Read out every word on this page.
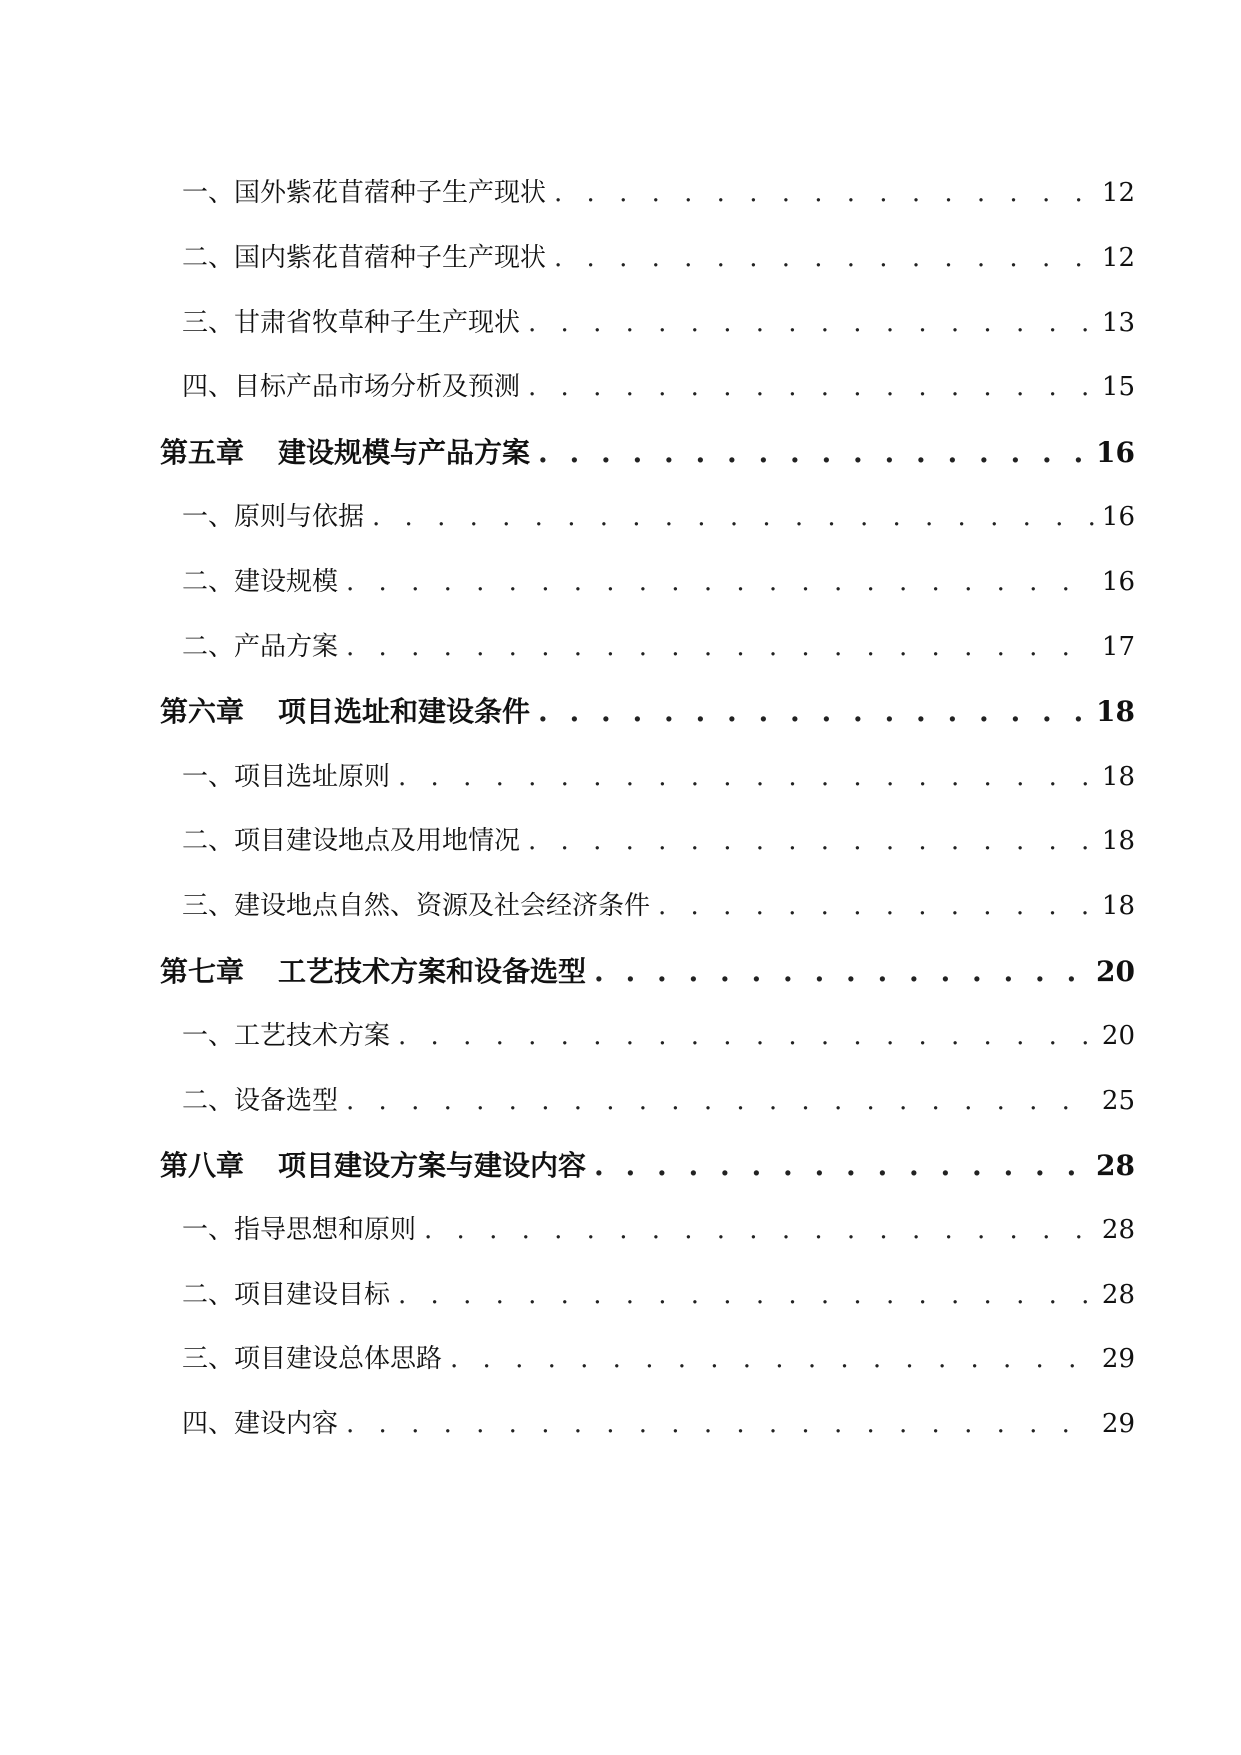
一、国外紫花苜蓿种子生产现状 . . .	12
二、国内紫花苜蓿种子生产现状 . . .	12
三、甘肃省牧草种子生产现状 . . .	13
四、目标产品市场分析及预测 . . .	15
第五章 建设规模与产品方案 . . .	16
一、原则与依据 . . .	16
二、建设规模 . . .	16
二、产品方案 . . .	17
第六章 项目选址和建设条件 . . .	18
一、项目选址原则 . . .	18
二、项目建设地点及用地情况 . . .	18
三、建设地点自然、资源及社会经济条件 . . .	18
第七章 工艺技术方案和设备选型 . . .	20
一、工艺技术方案 . . .	20
二、设备选型 . . .	25
第八章 项目建设方案与建设内容 . . .	28
一、指导思想和原则 . . .	28
二、项目建设目标 . . .	28
三、项目建设总体思路 . . .	29
四、建设内容 . . .	29
